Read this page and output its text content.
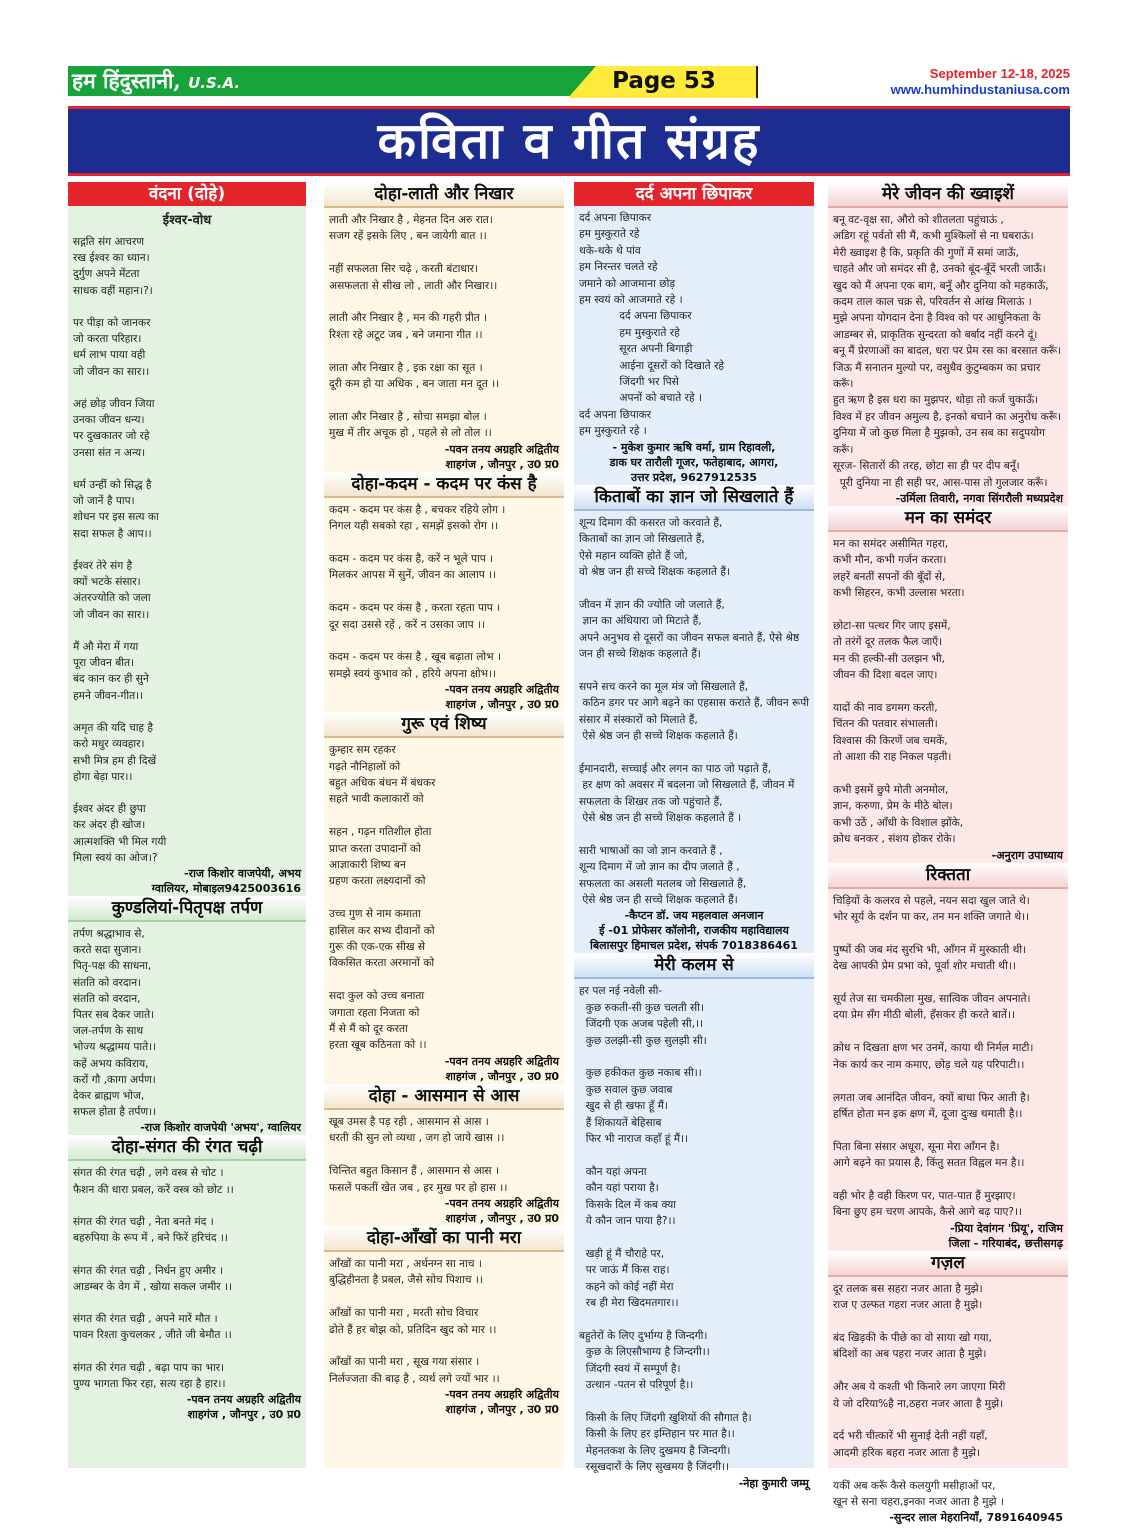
हम हिंदुस्तानी, U.S.A.	Page 53	September 12-18, 2025
www.humhindustaniusa.com
कविता व गीत संग्रह
वंदना (दोहे)
ईश्वर-वोध
सद्गति संग आचरण
रख ईश्वर का ध्यान।
दुर्गुण अपने मेंटता
साधक वहीं महान।?।

पर पीड़ा को जानकर
जो करता परिहार।
धर्म लाभ पाया वही
जो जीवन का सार।।

अहं छोड़ जीवन जिया
उनका जीवन धन्य।
पर दुखकातर जो रहे
उनसा संत न अन्य।

धर्म उन्हीं को सिद्ध है
जो जानें है पाप।
शोधन पर इस सत्य का
सदा सफल है आप।।

ईश्वर तेरे संग है
क्यों भटके संसार।
अंतरज्योति को जला
जो जीवन का सार।।

मैं औ मेरा में गया
पूरा जीवन बीत।
बंद कान कर ही सुने
हमने जीवन-गीत।।

अमृत की यदि चाह है
करो मधुर व्यवहार।
सभी मित्र हम ही दिखें
होगा बेड़ा पार।।

ईश्वर अंदर ही छुपा
कर अंदर ही खोज।
आत्मशक्ति भी मिल गयी
मिला स्वयं का ओज।?
-राज किशोर वाजपेयी, अभय
ग्वालियर, मोबाइल9425003616
कुण्डलियां-पितृपक्ष तर्पण
तर्पण श्रद्धाभाव से,
करते सदा सुजान।
पितृ-पक्ष की साधना,
संतति को वरदान।
संतति को वरदान,
पितर सब देकर जाते।
जल-तर्पण के साथ
भोज्य श्रद्धामय पाते।।
कहें अभय कविराय,
करों गौ ,कागा अर्पण।
देकर ब्राह्मण भोज,
सफल होता है तर्पण।।
-राज किशोर वाजपेयी 'अभय', ग्वालियर
दोहा-संगत की रंगत चढ़ी
संगत की रंगत चढ़ी , लगे वस्त्र से चोट ।
फैशन की धारा प्रबल, करें वस्त्र को छोट ।।

संगत की रंगत चढ़ी , नेता बनते मंद ।
बहरुपिया के रूप में , बने फिरें हरिचंद ।।

संगत की रंगत चढ़ी , निर्धन हुए अमीर ।
आडम्बर के वेग में , खोया सकल जमीर ।।

संगत की रंगत चढ़ी , अपने मारें मौत ।
पावन रिश्ता कुचलकर , जीते जी बेमौत ।।

संगत की रंगत चढ़ी , बढ़ा पाप का भार।
पुण्य भागता फिर रहा, सत्य रहा है हार।।
-पवन तनय अग्रहरि अद्वितीय
शाहगंज , जौनपुर , उ0 प्र0
दोहा-लाती और निखार
लाती और निखार है , मेहनत दिन अरु रात।
सजग रहें इसके लिए , बन जायेगी बात ।।

नहीं सफलता सिर चढ़े , करती बंटाधार।
असफलता से सीख लो , लाती और निखार।।

लाती और निखार है , मन की गहरी प्रीत ।
रिश्ता रहे अटूट जब , बने जमाना गीत ।।

लाता और निखार है , इक रक्षा का सूत ।
दूरी कम हो या अधिक , बन जाता मन दूत ।।

लाता और निखार है , सोचा समझा बोल ।
मुख में तीर अचूक हो , पहले से लो तोल ।।
-पवन तनय अग्रहरि अद्वितीय
शाहगंज , जौनपुर , उ0 प्र0
दोहा-कदम - कदम पर कंस है
कदम - कदम पर कंस है , बचकर रहिये लोग ।
निगल यही सबको रहा , समझें इसको रोग ।।

कदम - कदम पर कंस है, करें न भूले पाप ।
मिलकर आपस में सुनें, जीवन का आलाप ।।

कदम - कदम पर कंस है , करता रहता पाप ।
दूर सदा उससे रहें , करें न उसका जाप ।।

कदम - कदम पर कंस है , खूब बढ़ाता लोभ ।
समझे स्वयं कुभाव को , हरिये अपना क्षोभ।।
-पवन तनय अग्रहरि अद्वितीय
शाहगंज , जौनपुर , उ0 प्र0
गुरू एवं शिष्य
कुम्हार सम रहकर
गढ़ते नौनिहालों को
बहुत अधिक बंधन में बंधकर
सहते भावी कलाकारों को

सहन , गढ़न गतिशील होता
प्राप्त करता उपादानों को
आज्ञाकारी शिष्य बन
ग्रहण करता लक्ष्यदानों को

उच्च गुण से नाम कमाता
हासिल कर सभ्य दीवानों को
गुरू की एक-एक सीख से
विकसित करता अरमानों को

सदा कुल को उच्च बनाता
जगाता रहता निजता को
मैं से मैं को दूर करता
हरता खूब कठिनता को ।।
-पवन तनय अग्रहरि अद्वितीय
शाहगंज , जौनपुर , उ0 प्र0
दोहा - आसमान से आस
खूब उमस है पड़ रही , आसमान से आस ।
धरती की सुन लो व्यथा , जग हो जाये खास ।।

चिन्तित बहुत किसान हैं , आसमान से आस ।
फसलें पकतीं खेत जब , हर मुख पर हो हास ।।
-पवन तनय अग्रहरि अद्वितीय
शाहगंज , जौनपुर , उ0 प्र0
दोहा-आँखों का पानी मरा
आँखों का पानी मरा , अर्धनग्न सा नाच ।
बुद्धिहीनता है प्रबल, जैसे सोच पिशाच ।।

आँखों का पानी मरा , मरती सोच विचार
ढोते हैं हर बोझ को, प्रतिदिन खुद को मार ।।

आँखों का पानी मरा , सूख गया संसार ।
निर्लज्जता की बाढ़ है , व्यर्थ लगे ज्यों भार ।।
-पवन तनय अग्रहरि अद्वितीय
शाहगंज , जौनपुर , उ0 प्र0
दर्द अपना छिपाकर
दर्द अपना छिपाकर
हम मुस्कुराते रहे
थके-थके थे पांव
हम निरन्तर चलते रहे
जमाने को आजमाना छोड़
हम स्वयं को आजमाते रहे ।
दर्द अपना छिपाकर
हम मुस्कुराते रहे
सूरत अपनी बिगाड़ी
आईना दूसरों को दिखाते रहे
जिंदगी भर पिसे
अपनों को बचाते रहे ।
दर्द अपना छिपाकर
हम मुस्कुराते रहे ।
- मुकेश कुमार ऋषि वर्मा, ग्राम रिहावली,
डाक घर तारौली गूजर, फतेहाबाद, आगरा,
उत्तर प्रदेश, 9627912535
किताबों का ज्ञान जो सिखलाते हैं
शून्य दिमाग की कसरत जो करवाते हैं,
किताबों का ज्ञान जो सिखलाते हैं,
ऐसे महान व्यक्ति होते हैं जो,
वो श्रेष्ठ जन ही सच्चे शिक्षक कहलाते हैं।

जीवन में ज्ञान की ज्योति जो जलाते हैं,
ज्ञान का अंधियारा जो मिटाते हैं,
अपने अनुभव से दूसरों का जीवन सफल बनाते हैं, ऐसे श्रेष्ठ जन ही सच्चे शिक्षक कहलाते हैं।

सपने सच करने का मूल मंत्र जो सिखलाते हैं,
कठिन डगर पर आगे बढ़ने का एहसास कराते हैं, जीवन रूपी संसार में संस्कारों को मिलाते हैं,
ऐसे श्रेष्ठ जन ही सच्चे शिक्षक कहलाते हैं।

ईमानदारी, सच्चाई और लगन का पाठ जो पढ़ाते हैं,
हर क्षण को अवसर में बदलना जो सिखलाते हैं, जीवन में सफलता के शिखर तक जो पहुंचाते हैं,
ऐसे श्रेष्ठ जन ही सच्चे शिक्षक कहलाते हैं ।

सारी भाषाओं का जो ज्ञान करवाते हैं ,
शून्य दिमाग में जो ज्ञान का दीप जलाते हैं ,
सफलता का असली मतलब जो सिखलाते हैं,
ऐसे श्रेष्ठ जन ही सच्चे शिक्षक कहलाते हैं।
-कैप्टन डॉ. जय महलवाल अनजान
ई -01 प्रोफेसर कॉलोनी, राजकीय महाविद्यालय
बिलासपुर हिमाचल प्रदेश, संपर्क 7018386461
मेरी कलम से
हर पल नई नवेली सी-
कुछ रुकती-सी कुछ चलती सी।
जिंदगी एक अजब पहेली सी,।।
कुछ उलझी-सी कुछ सुलझी सी।

कुछ हकीकत कुछ नकाब सी।।
कुछ सवाल कुछ जवाब
खुद से ही खफा हूँ मैं।
हैं शिकायतें बेहिसाब
फिर भी नाराज कहाँ हूं मैं।।

कौन यहां अपना
कौन यहां पराया है।
किसके दिल में कब क्या
ये कौन जान पाया है?।।

खड़ी हूं मैं चौराहे पर,
पर जाऊं मैं किस राह।
कहने को कोई नहीं मेरा
रब ही मेरा खिदमतगार।।

बहुतेरों के लिए दुर्भाग्य है जिन्दगी।
कुछ के लिएसौभाग्य है जिन्दगी।।
जिंदगी स्वयं में सम्पूर्ण है।
उत्थान -पतन से परिपूर्ण है।।

किसी के लिए जिंदगी खुशियों की सौगात है।
किसी के लिए हर इम्तिहान पर मात है।।
मेहनतकश के लिए दुखमय है जिन्दगी।
रसूखदारों के लिए सुखमय है जिंदगी।।
-नेहा कुमारी जम्मू
मेरे जीवन की ख्वाइशें
बनू वट-वृक्ष सा, औरो को शीतलता पहुंचाऊं ,
अडिग रहूं पर्वतो सी मैं, कभी मुश्किलों से ना घबराऊं।
मेरी ख्वाइश है कि, प्रकृति की गुणों में समां जाऊँ,
चाहते और जो समंदर सी है, उनको बूंद-बूँदें भरती जाऊँ।
खुद को मैं अपना एक बाग, बनूँ और दुनिया को महकाऊँ,
कदम ताल काल चक्र से, परिवर्तन से आंख मिलाऊं ।
मुझे अपना योगदान देना है विश्व को पर आधुनिकता के
आडम्बर से, प्राकृतिक सुन्दरता को बर्बाद नहीं करने दूं।
बनू मैं प्रेरणाओं का बादल, धरा पर प्रेम रस का बरसात करूँ।
जिऊ मैं सनातन मुल्यो पर, वसुधैव कुटुम्बकम का प्रचार करूँ।
हुत ऋण है इस धरा का मुझपर, थोड़ा तो कर्ज चुकाऊँ।
विश्व में हर जीवन अमुल्य है, इनको बचाने का अनुरोध करूँ।
दुनिया में जो कुछ मिला है मुझको, उन सब का सदुपयोग करूँ।
सूरज- सितारों की तरह, छोटा सा ही पर दीप बनूँ।
पूरी दुनिया ना ही सही पर, आस-पास तो गुलजार करूँ।
-उर्मिला तिवारी, नगवा सिंगरौली मध्यप्रदेश
मन का समंदर
मन का समंदर असीमित गहरा,
कभी मौन, कभी गर्जन करता।
लहरें बनतीं सपनों की बूँदों से,
कभी सिहरन, कभी उल्लास भरता।

छोटा-सा पत्थर गिर जाए इसमें,
तो तरंगें दूर तलक फैल जाएँ।
मन की हल्की-सी उलझन भी,
जीवन की दिशा बदल जाए।

यादों की नाव डगमग करती,
चिंतन की पतवार संभालती।
विश्वास की किरणें जब चमकें,
तो आशा की राह निकल पड़ती।

कभी इसमें छुपे मोती अनमोल,
ज्ञान, करुणा, प्रेम के मीठे बोल।
कभी उठें , आँधी के विशाल झोंके,
क्रोध बनकर , संशय होकर रोके।
-अनुराग उपाध्याय
रिक्तता
चिड़ियों के कलरव से पहले, नयन सदा खुल जाते थे।
भोर सूर्य के दर्शन पा कर, तन मन शक्ति जगाते थे।।

पुष्पों की जब मंद सुरभि भी, आँगन में मुस्काती थी।
देख आपकी प्रेम प्रभा को, पूर्वा शोर मचाती थी।।

सूर्य तेज सा चमकीला मुख, सात्विक जीवन अपनाते।
दया प्रेम सँग मीठी बोली, हँसकर ही करते बातें।।

क्रोध न दिखता क्षण भर उनमें, काया थी निर्मल माटी।
नेक कार्य कर नाम कमाए, छोड़ चले यह परिपाटी।।

लगता जब आनंदित जीवन, क्यों बाधा फिर आती है।
हर्षित होता मन इक क्षण में, दूजा दुःख थमाती है।।

पिता बिना संसार अधूरा, सूना मेरा आँगन है।
आगे बढ़ने का प्रयास है, किंतु सतत विह्वल मन है।।

वही भोर है वही किरण पर, पात-पात हैं मुरझाए।
बिना छुए हम चरण आपके, कैसे आगे बढ़ पाए?।।
-प्रिया देवांगन 'प्रियू', राजिम
जिला - गरियाबंद, छत्तीसगढ़
गज़ल
दूर तलक बस सहरा नजर आता है मुझे।
राज ए उल्फत गहरा नजर आता है मुझे।

बंद खिड़की के पीछे का वो साया खो गया,
बंदिशों का अब पहरा नजर आता है मुझे।

और अब ये कश्ती भी किनारे लग जाएगा मिरी
ये जो दरिया%है ना,ठहरा नजर आता है मुझे।

दर्द भरी चीत्कारें भी सुनाई देती नहीं यहाँ,
आदमी हरिक बहरा नजर आता है मुझे।

यकीं अब करूँ कैसे कलयुगी मसीहाओं पर,
खून से सना चहरा,इनका नजर आता है मुझे ।
-सुन्दर लाल मेहरानियाँ, 7891640945
